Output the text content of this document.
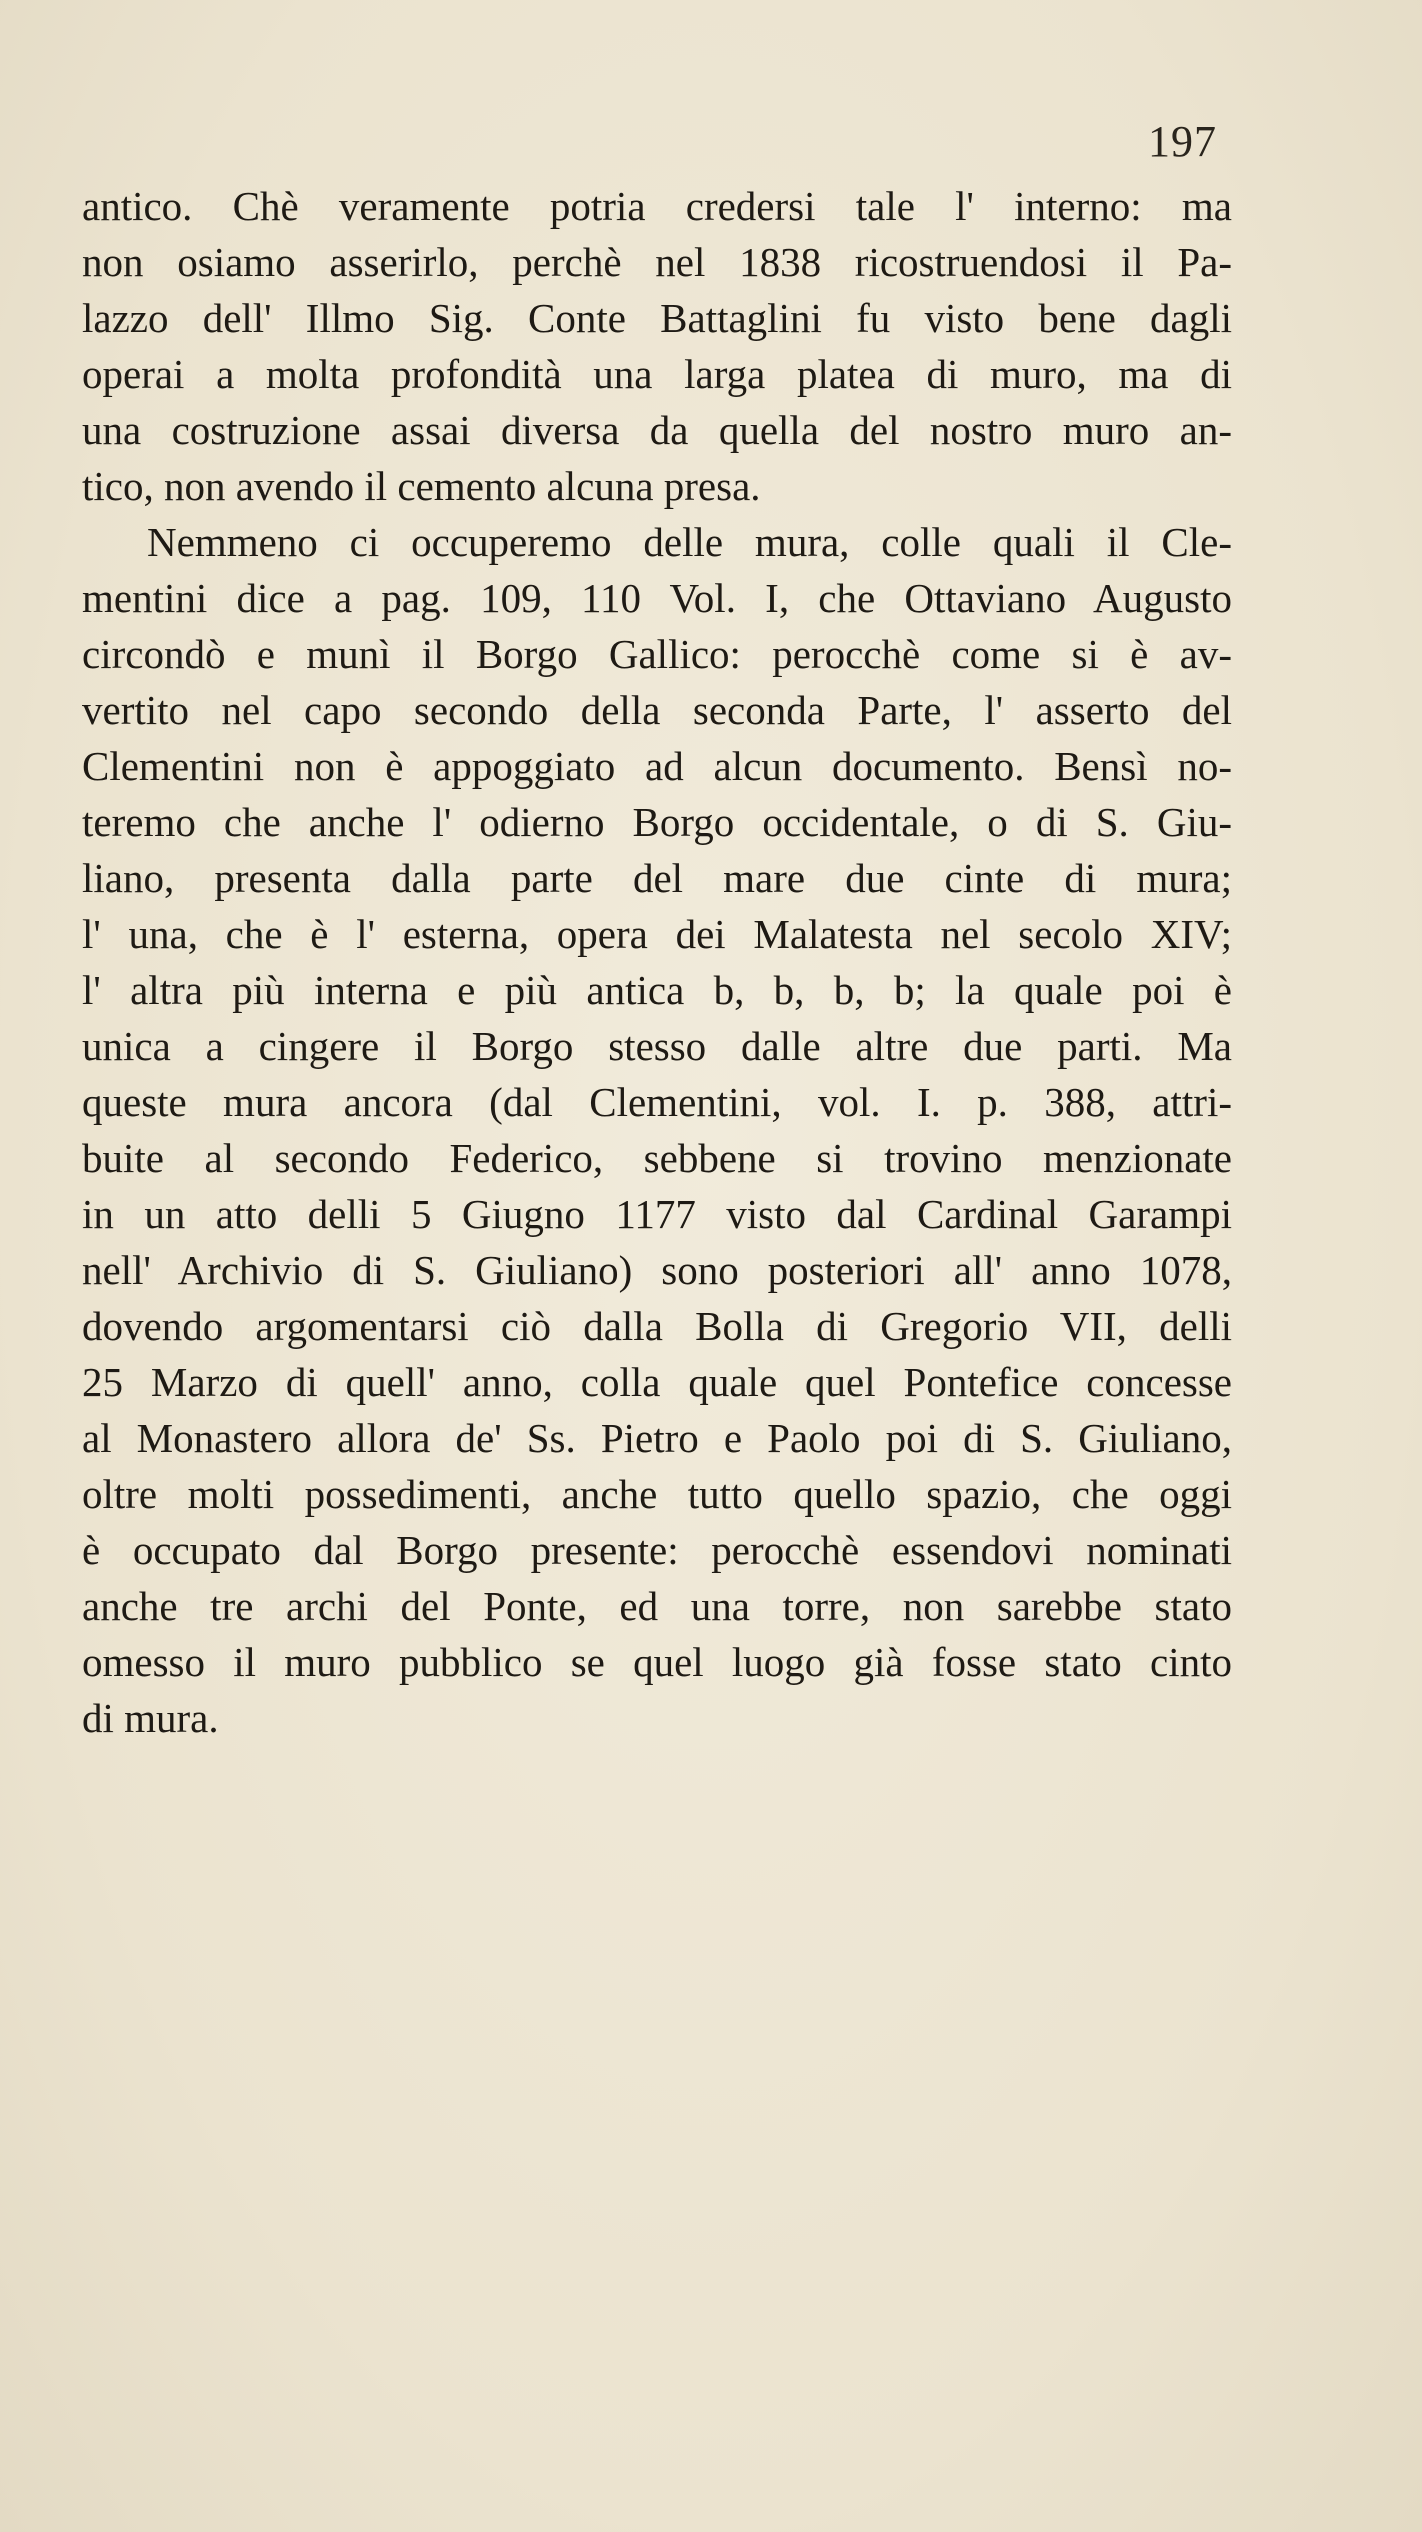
197
antico. Chè veramente potria credersi tale l' interno: ma
non osiamo asserirlo, perchè nel 1838 ricostruendosi il Pa-
lazzo dell' Illmo Sig. Conte Battaglini fu visto bene dagli
operai a molta profondità una larga platea di muro, ma di
una costruzione assai diversa da quella del nostro muro an-
tico, non avendo il cemento alcuna presa.
Nemmeno ci occuperemo delle mura, colle quali il Cle-
mentini dice a pag. 109, 110 Vol. I, che Ottaviano Augusto
circondò e munì il Borgo Gallico: perocchè come si è av-
vertito nel capo secondo della seconda Parte, l' asserto del
Clementini non è appoggiato ad alcun documento. Bensì no-
teremo che anche l' odierno Borgo occidentale, o di S. Giu-
liano, presenta dalla parte del mare due cinte di mura;
l' una, che è l' esterna, opera dei Malatesta nel secolo XIV;
l' altra più interna e più antica b, b, b, b; la quale poi è
unica a cingere il Borgo stesso dalle altre due parti. Ma
queste mura ancora (dal Clementini, vol. I. p. 388, attri-
buite al secondo Federico, sebbene si trovino menzionate
in un atto delli 5 Giugno 1177 visto dal Cardinal Garampi
nell' Archivio di S. Giuliano) sono posteriori all' anno 1078,
dovendo argomentarsi ciò dalla Bolla di Gregorio VII, delli
25 Marzo di quell' anno, colla quale quel Pontefice concesse
al Monastero allora de' Ss. Pietro e Paolo poi di S. Giuliano,
oltre molti possedimenti, anche tutto quello spazio, che oggi
è occupato dal Borgo presente: perocchè essendovi nominati
anche tre archi del Ponte, ed una torre, non sarebbe stato
omesso il muro pubblico se quel luogo già fosse stato cinto
di mura.
